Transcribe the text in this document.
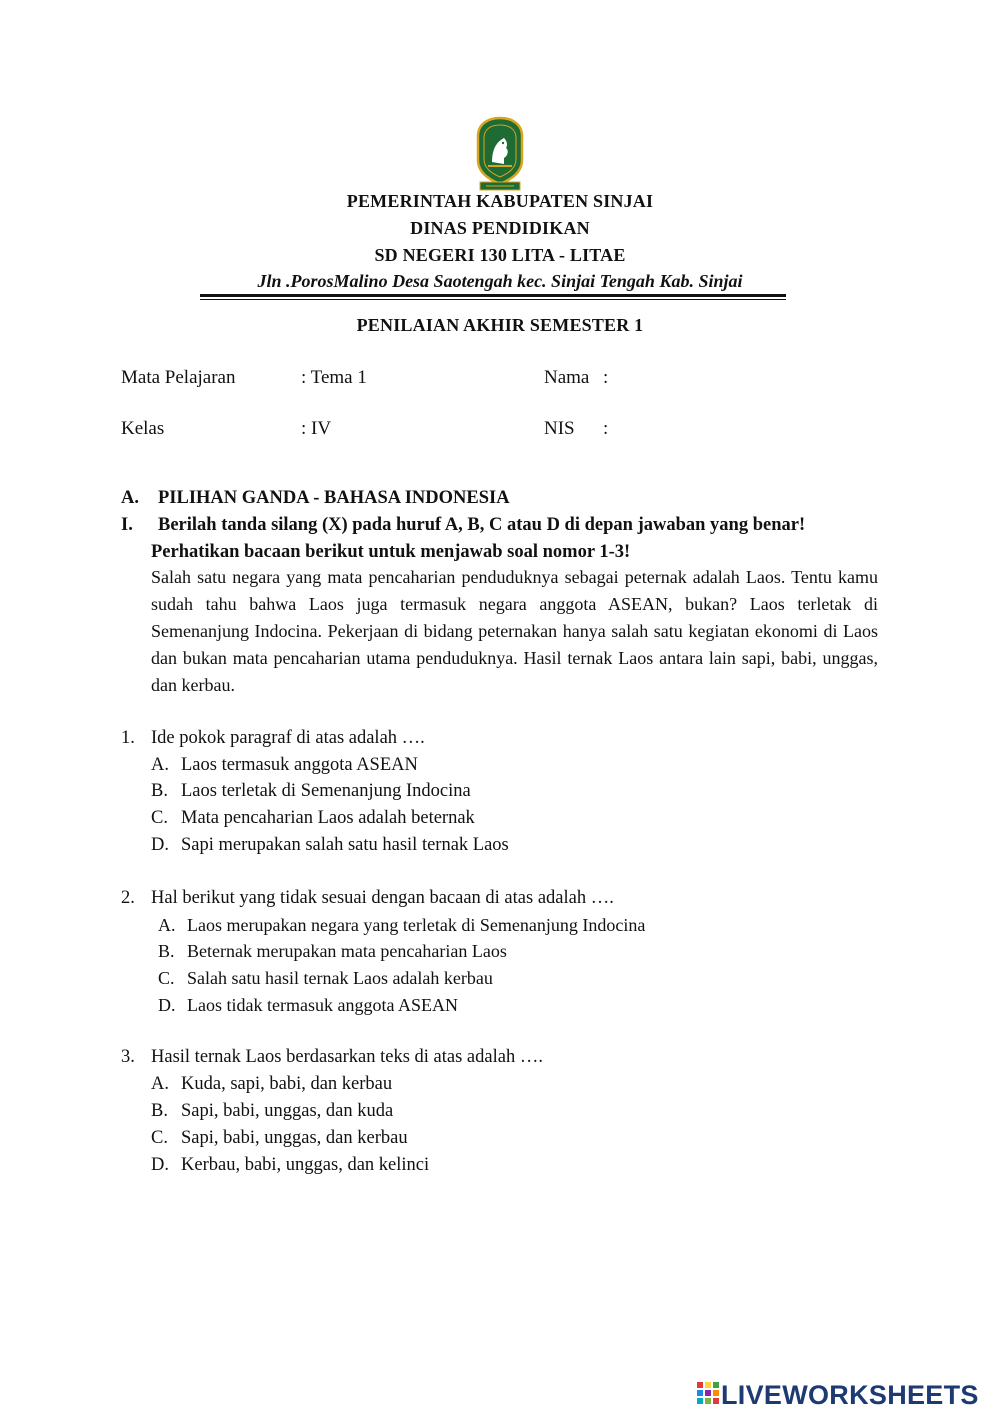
PEMERINTAH KABUPATEN SINJAI
DINAS PENDIDIKAN
SD NEGERI 130 LITA - LITAE
Jln .PorosMalino Desa Saotengah kec. Sinjai Tengah Kab. Sinjai
PENILAIAN AKHIR SEMESTER 1
Mata Pelajaran	: Tema 1	Nama :
Kelas	: IV	NIS :
A. PILIHAN GANDA - BAHASA INDONESIA
I. Berilah tanda silang (X) pada huruf A, B, C atau D di depan jawaban yang benar!
Perhatikan bacaan berikut untuk menjawab soal nomor 1-3!
Salah satu negara yang mata pencaharian penduduknya sebagai peternak adalah Laos. Tentu kamu sudah tahu bahwa Laos juga termasuk negara anggota ASEAN, bukan? Laos terletak di Semenanjung Indocina. Pekerjaan di bidang peternakan hanya salah satu kegiatan ekonomi di Laos dan bukan mata pencaharian utama penduduknya. Hasil ternak Laos antara lain sapi, babi, unggas, dan kerbau.
1. Ide pokok paragraf di atas adalah ….
A. Laos termasuk anggota ASEAN
B. Laos terletak di Semenanjung Indocina
C. Mata pencaharian Laos adalah beternak
D. Sapi merupakan salah satu hasil ternak Laos
2. Hal berikut yang tidak sesuai dengan bacaan di atas adalah ….
A. Laos merupakan negara yang terletak di Semenanjung Indocina
B. Beternak merupakan mata pencaharian Laos
C. Salah satu hasil ternak Laos adalah kerbau
D. Laos tidak termasuk anggota ASEAN
3. Hasil ternak Laos berdasarkan teks di atas adalah ….
A. Kuda, sapi, babi, dan kerbau
B. Sapi, babi, unggas, dan kuda
C. Sapi, babi, unggas, dan kerbau
D. Kerbau, babi, unggas, dan kelinci
LIVEWORKSHEETS
